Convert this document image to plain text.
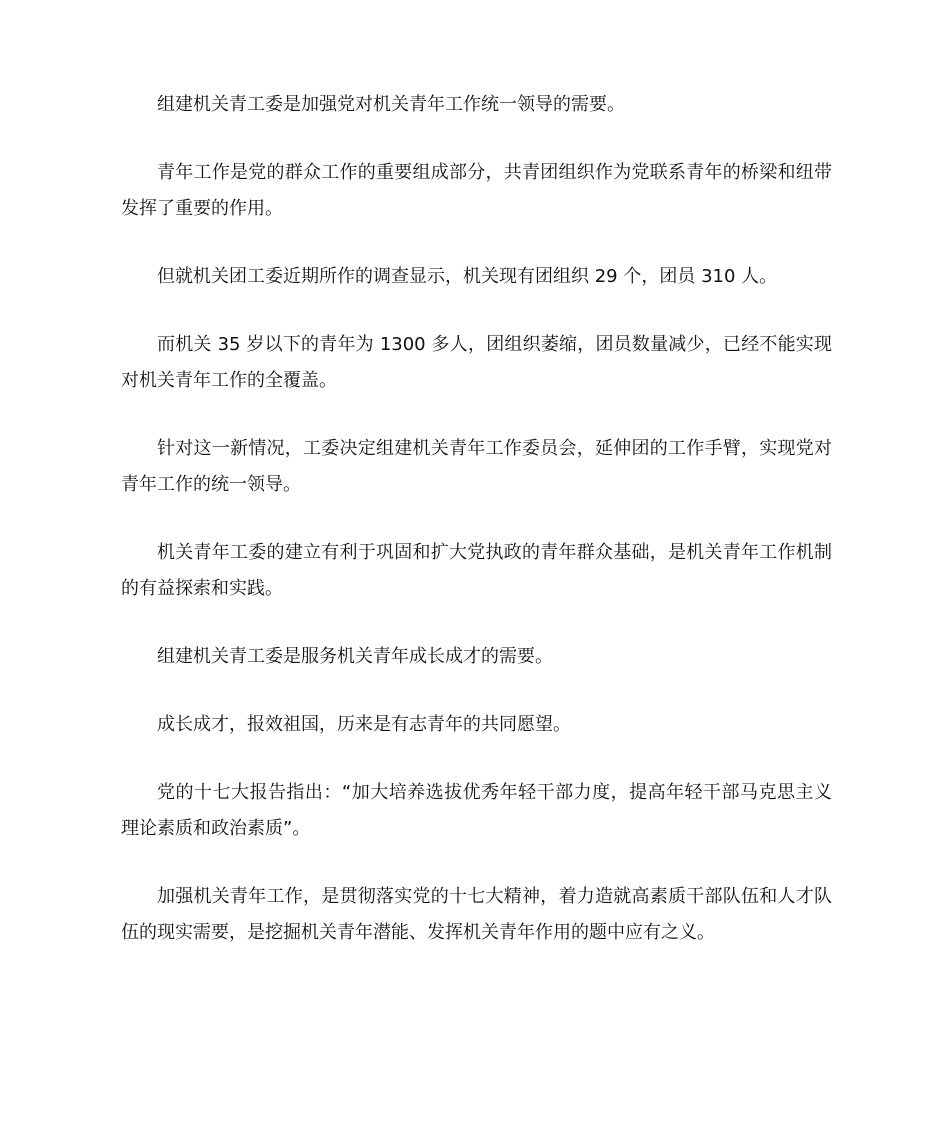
组建机关青工委是加强党对机关青年工作统一领导的需要。

青年工作是党的群众工作的重要组成部分，共青团组织作为党联系青年的桥梁和纽带发挥了重要的作用。

但就机关团工委近期所作的调查显示，机关现有团组织 29 个，团员 310 人。

而机关 35 岁以下的青年为 1300 多人，团组织萎缩，团员数量减少，已经不能实现对机关青年工作的全覆盖。

针对这一新情况，工委决定组建机关青年工作委员会，延伸团的工作手臂，实现党对青年工作的统一领导。

机关青年工委的建立有利于巩固和扩大党执政的青年群众基础，是机关青年工作机制的有益探索和实践。

组建机关青工委是服务机关青年成长成才的需要。

成长成才，报效祖国，历来是有志青年的共同愿望。

党的十七大报告指出：“加大培养选拔优秀年轻干部力度，提高年轻干部马克思主义理论素质和政治素质”。

加强机关青年工作，是贯彻落实党的十七大精神，着力造就高素质干部队伍和人才队伍的现实需要，是挖掘机关青年潜能、发挥机关青年作用的题中应有之义。
